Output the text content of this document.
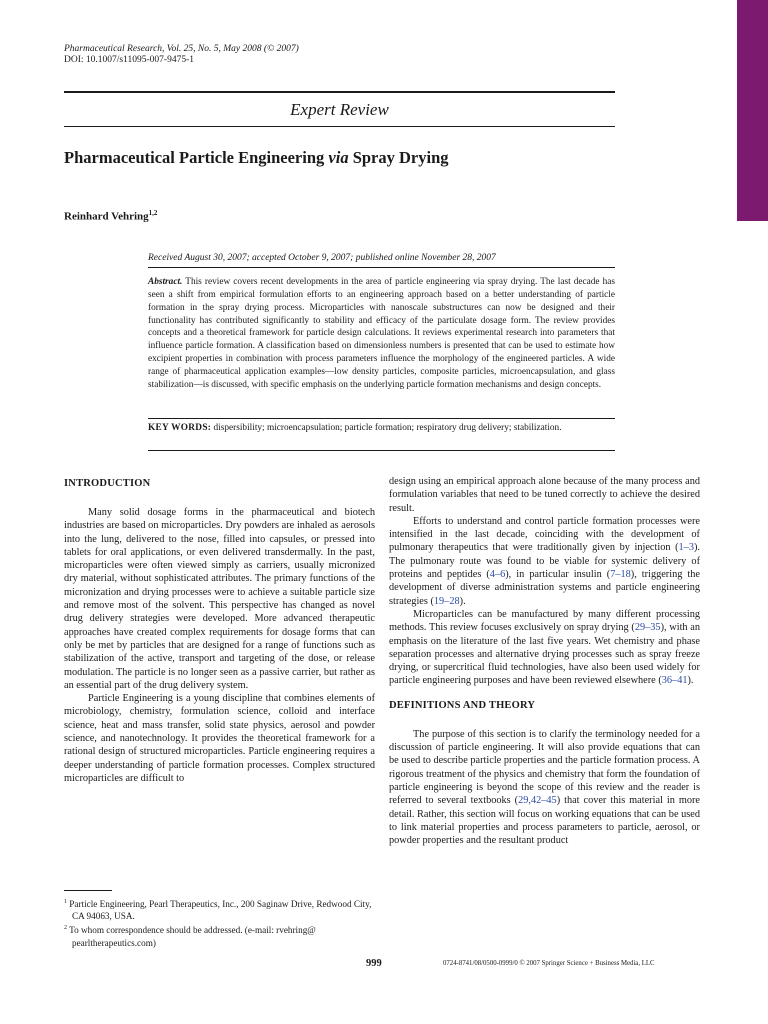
Pharmaceutical Research, Vol. 25, No. 5, May 2008 (© 2007)
DOI: 10.1007/s11095-007-9475-1
Expert Review
Pharmaceutical Particle Engineering via Spray Drying
Reinhard Vehring$^{1,2}$
Received August 30, 2007; accepted October 9, 2007; published online November 28, 2007
Abstract. This review covers recent developments in the area of particle engineering via spray drying. The last decade has seen a shift from empirical formulation efforts to an engineering approach based on a better understanding of particle formation in the spray drying process. Microparticles with nanoscale substructures can now be designed and their functionality has contributed significantly to stability and efficacy of the particulate dosage form. The review provides concepts and a theoretical framework for particle design calculations. It reviews experimental research into parameters that influence particle formation. A classification based on dimensionless numbers is presented that can be used to estimate how excipient properties in combination with process parameters influence the morphology of the engineered particles. A wide range of pharmaceutical application examples—low density particles, composite particles, microencapsulation, and glass stabilization—is discussed, with specific emphasis on the underlying particle formation mechanisms and design concepts.
KEY WORDS: dispersibility; microencapsulation; particle formation; respiratory drug delivery; stabilization.
INTRODUCTION

Many solid dosage forms in the pharmaceutical and biotech industries are based on microparticles. Dry powders are inhaled as aerosols into the lung, delivered to the nose, filled into capsules, or pressed into tablets for oral applications, or even delivered transdermally. In the past, microparticles were often viewed simply as carriers, usually micronized dry material, without sophisticated attributes. The primary functions of the micronization and drying processes were to achieve a suitable particle size and remove most of the solvent. This perspective has changed as novel drug delivery strategies were developed. More advanced therapeutic approaches have created complex requirements for dosage forms that can only be met by particles that are designed for a range of functions such as stabilization of the active, transport and targeting of the dose, or release modulation. The particle is no longer seen as a passive carrier, but rather as an essential part of the drug delivery system.

Particle Engineering is a young discipline that combines elements of microbiology, chemistry, formulation science, colloid and interface science, heat and mass transfer, solid state physics, aerosol and powder science, and nanotechnology. It provides the theoretical framework for a rational design of structured microparticles. Particle engineering requires a deeper understanding of particle formation processes. Complex structured microparticles are difficult to

design using an empirical approach alone because of the many process and formulation variables that need to be tuned correctly to achieve the desired result.

Efforts to understand and control particle formation processes were intensified in the last decade, coinciding with the development of pulmonary therapeutics that were traditionally given by injection (1–3). The pulmonary route was found to be viable for systemic delivery of proteins and peptides (4–6), in particular insulin (7–18), triggering the development of diverse administration systems and particle engineering strategies (19–28).

Microparticles can be manufactured by many different processing methods. This review focuses exclusively on spray drying (29–35), with an emphasis on the literature of the last five years. Wet chemistry and phase separation processes and alternative drying processes such as spray freeze drying, or supercritical fluid technologies, have also been used widely for particle engineering purposes and have been reviewed elsewhere (36–41).

DEFINITIONS AND THEORY

The purpose of this section is to clarify the terminology needed for a discussion of particle engineering. It will also provide equations that can be used to describe particle properties and the particle formation process. A rigorous treatment of the physics and chemistry that form the foundation of particle engineering is beyond the scope of this review and the reader is referred to several textbooks (29,42–45) that cover this material in more detail. Rather, this section will focus on working equations that can be used to link material properties and process parameters to particle, aerosol, or powder properties and the resultant product

$^1$ Particle Engineering, Pearl Therapeutics, Inc., 200 Saginaw Drive, Redwood City, CA 94063, USA.
$^2$ To whom correspondence should be addressed. (e-mail: rvehring@ pearltherapeutics.com)
999	0724-8741/08/0500-0999/0 © 2007 Springer Science + Business Media, LLC
